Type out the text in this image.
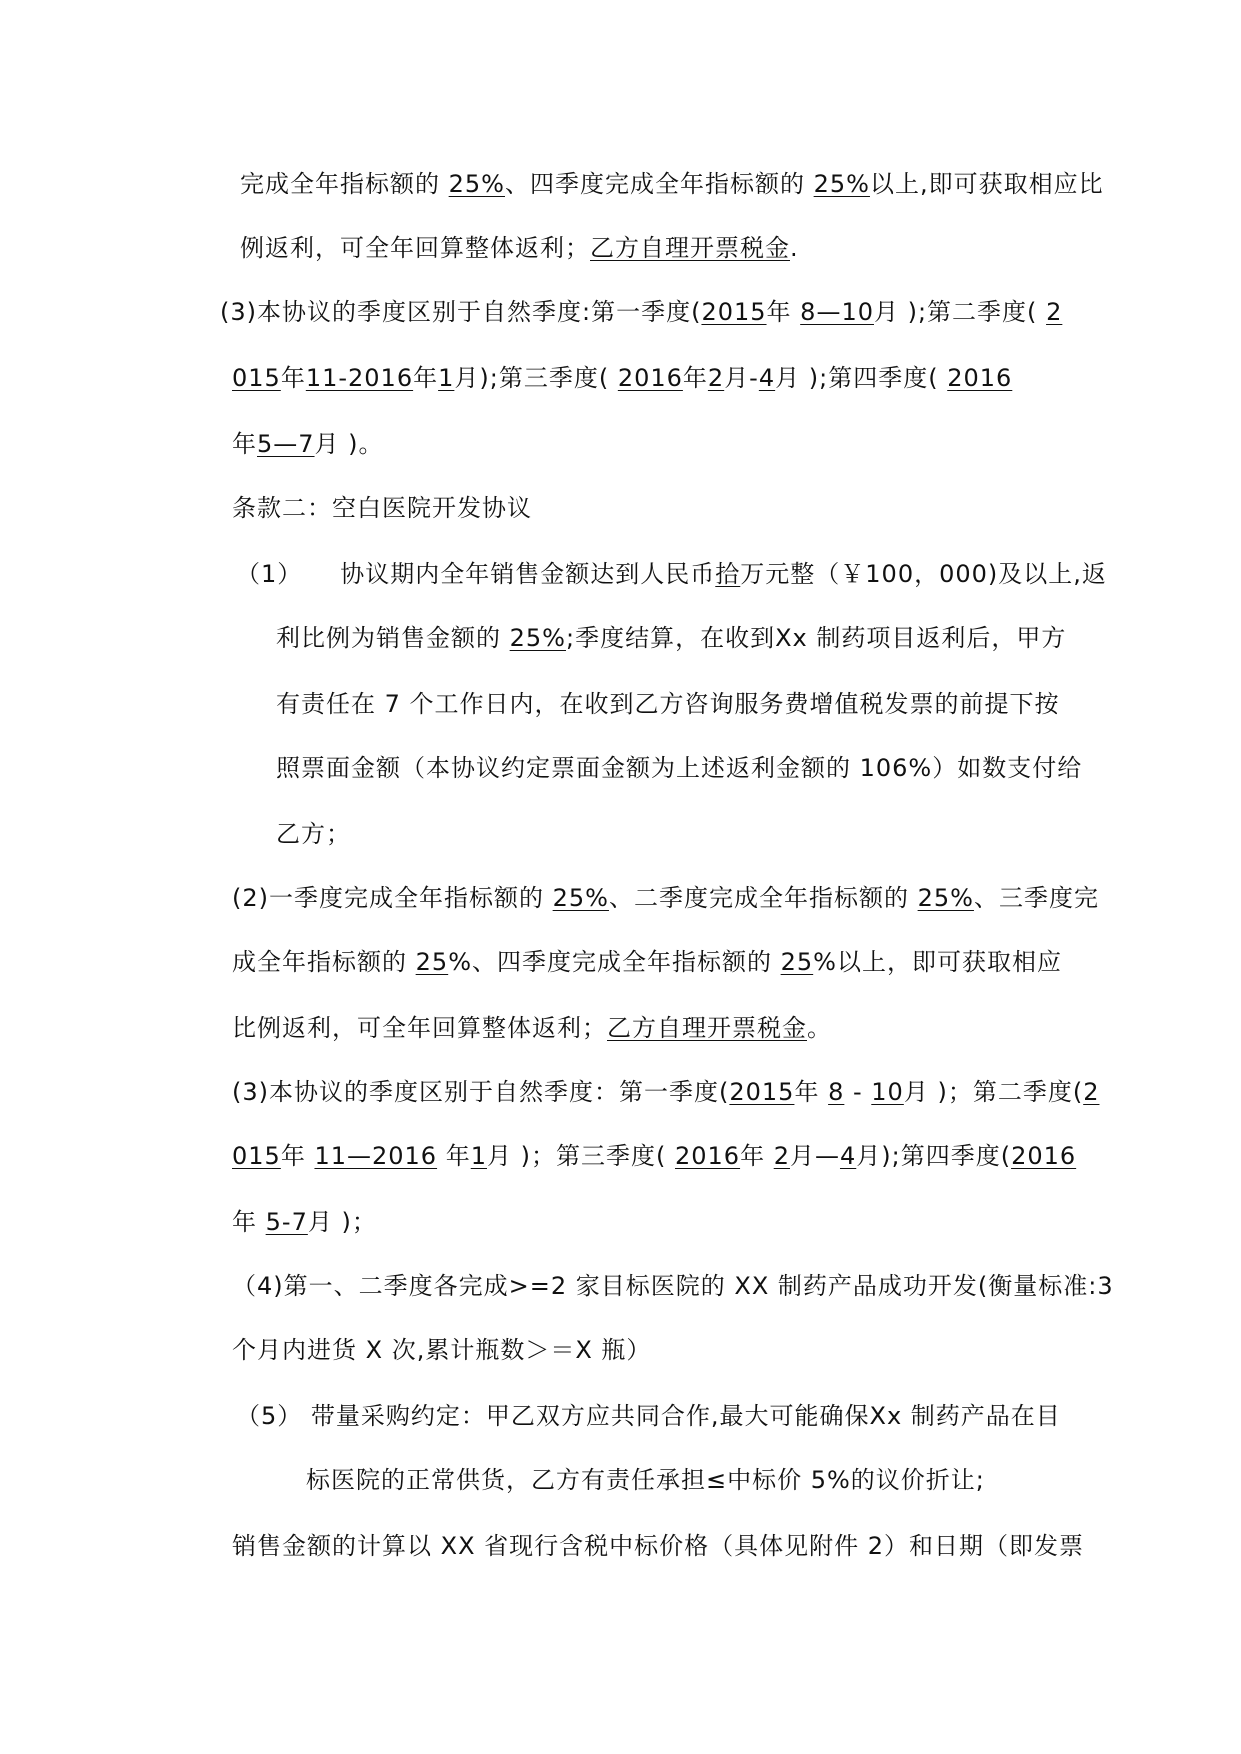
完成全年指标额的 25%、四季度完成全年指标额的 25%以上,即可获取相应比

例返利，可全年回算整体返利；乙方自理开票税金.

(3)本协议的季度区别于自然季度:第一季度(2015年 8—10月 );第二季度( 2

015年11-2016年1月);第三季度( 2016年2月-4月 );第四季度( 2016

年5—7月 )。

条款二：空白医院开发协议

（1） 协议期内全年销售金额达到人民币拾万元整（￥100，000)及以上,返

利比例为销售金额的 25%;季度结算，在收到Xx 制药项目返利后，甲方

有责任在 7 个工作日内，在收到乙方咨询服务费增值税发票的前提下按

照票面金额（本协议约定票面金额为上述返利金额的 106%）如数支付给

乙方；

(2)一季度完成全年指标额的 25%、二季度完成全年指标额的 25%、三季度完

成全年指标额的 25%、四季度完成全年指标额的 25%以上，即可获取相应

比例返利，可全年回算整体返利；乙方自理开票税金。

(3)本协议的季度区别于自然季度：第一季度(2015年 8 - 10月 )；第二季度(2

015年 11—2016 年1月 )；第三季度( 2016年 2月—4月);第四季度(2016

年 5-7月 )；

（4)第一、二季度各完成>=2 家目标医院的 XX 制药产品成功开发(衡量标准:3

个月内进货 X 次,累计瓶数＞＝X 瓶）

（5） 带量采购约定：甲乙双方应共同合作,最大可能确保Xx 制药产品在目

标医院的正常供货，乙方有责任承担≤中标价 5%的议价折让;

销售金额的计算以 XX 省现行含税中标价格（具体见附件 2）和日期（即发票
